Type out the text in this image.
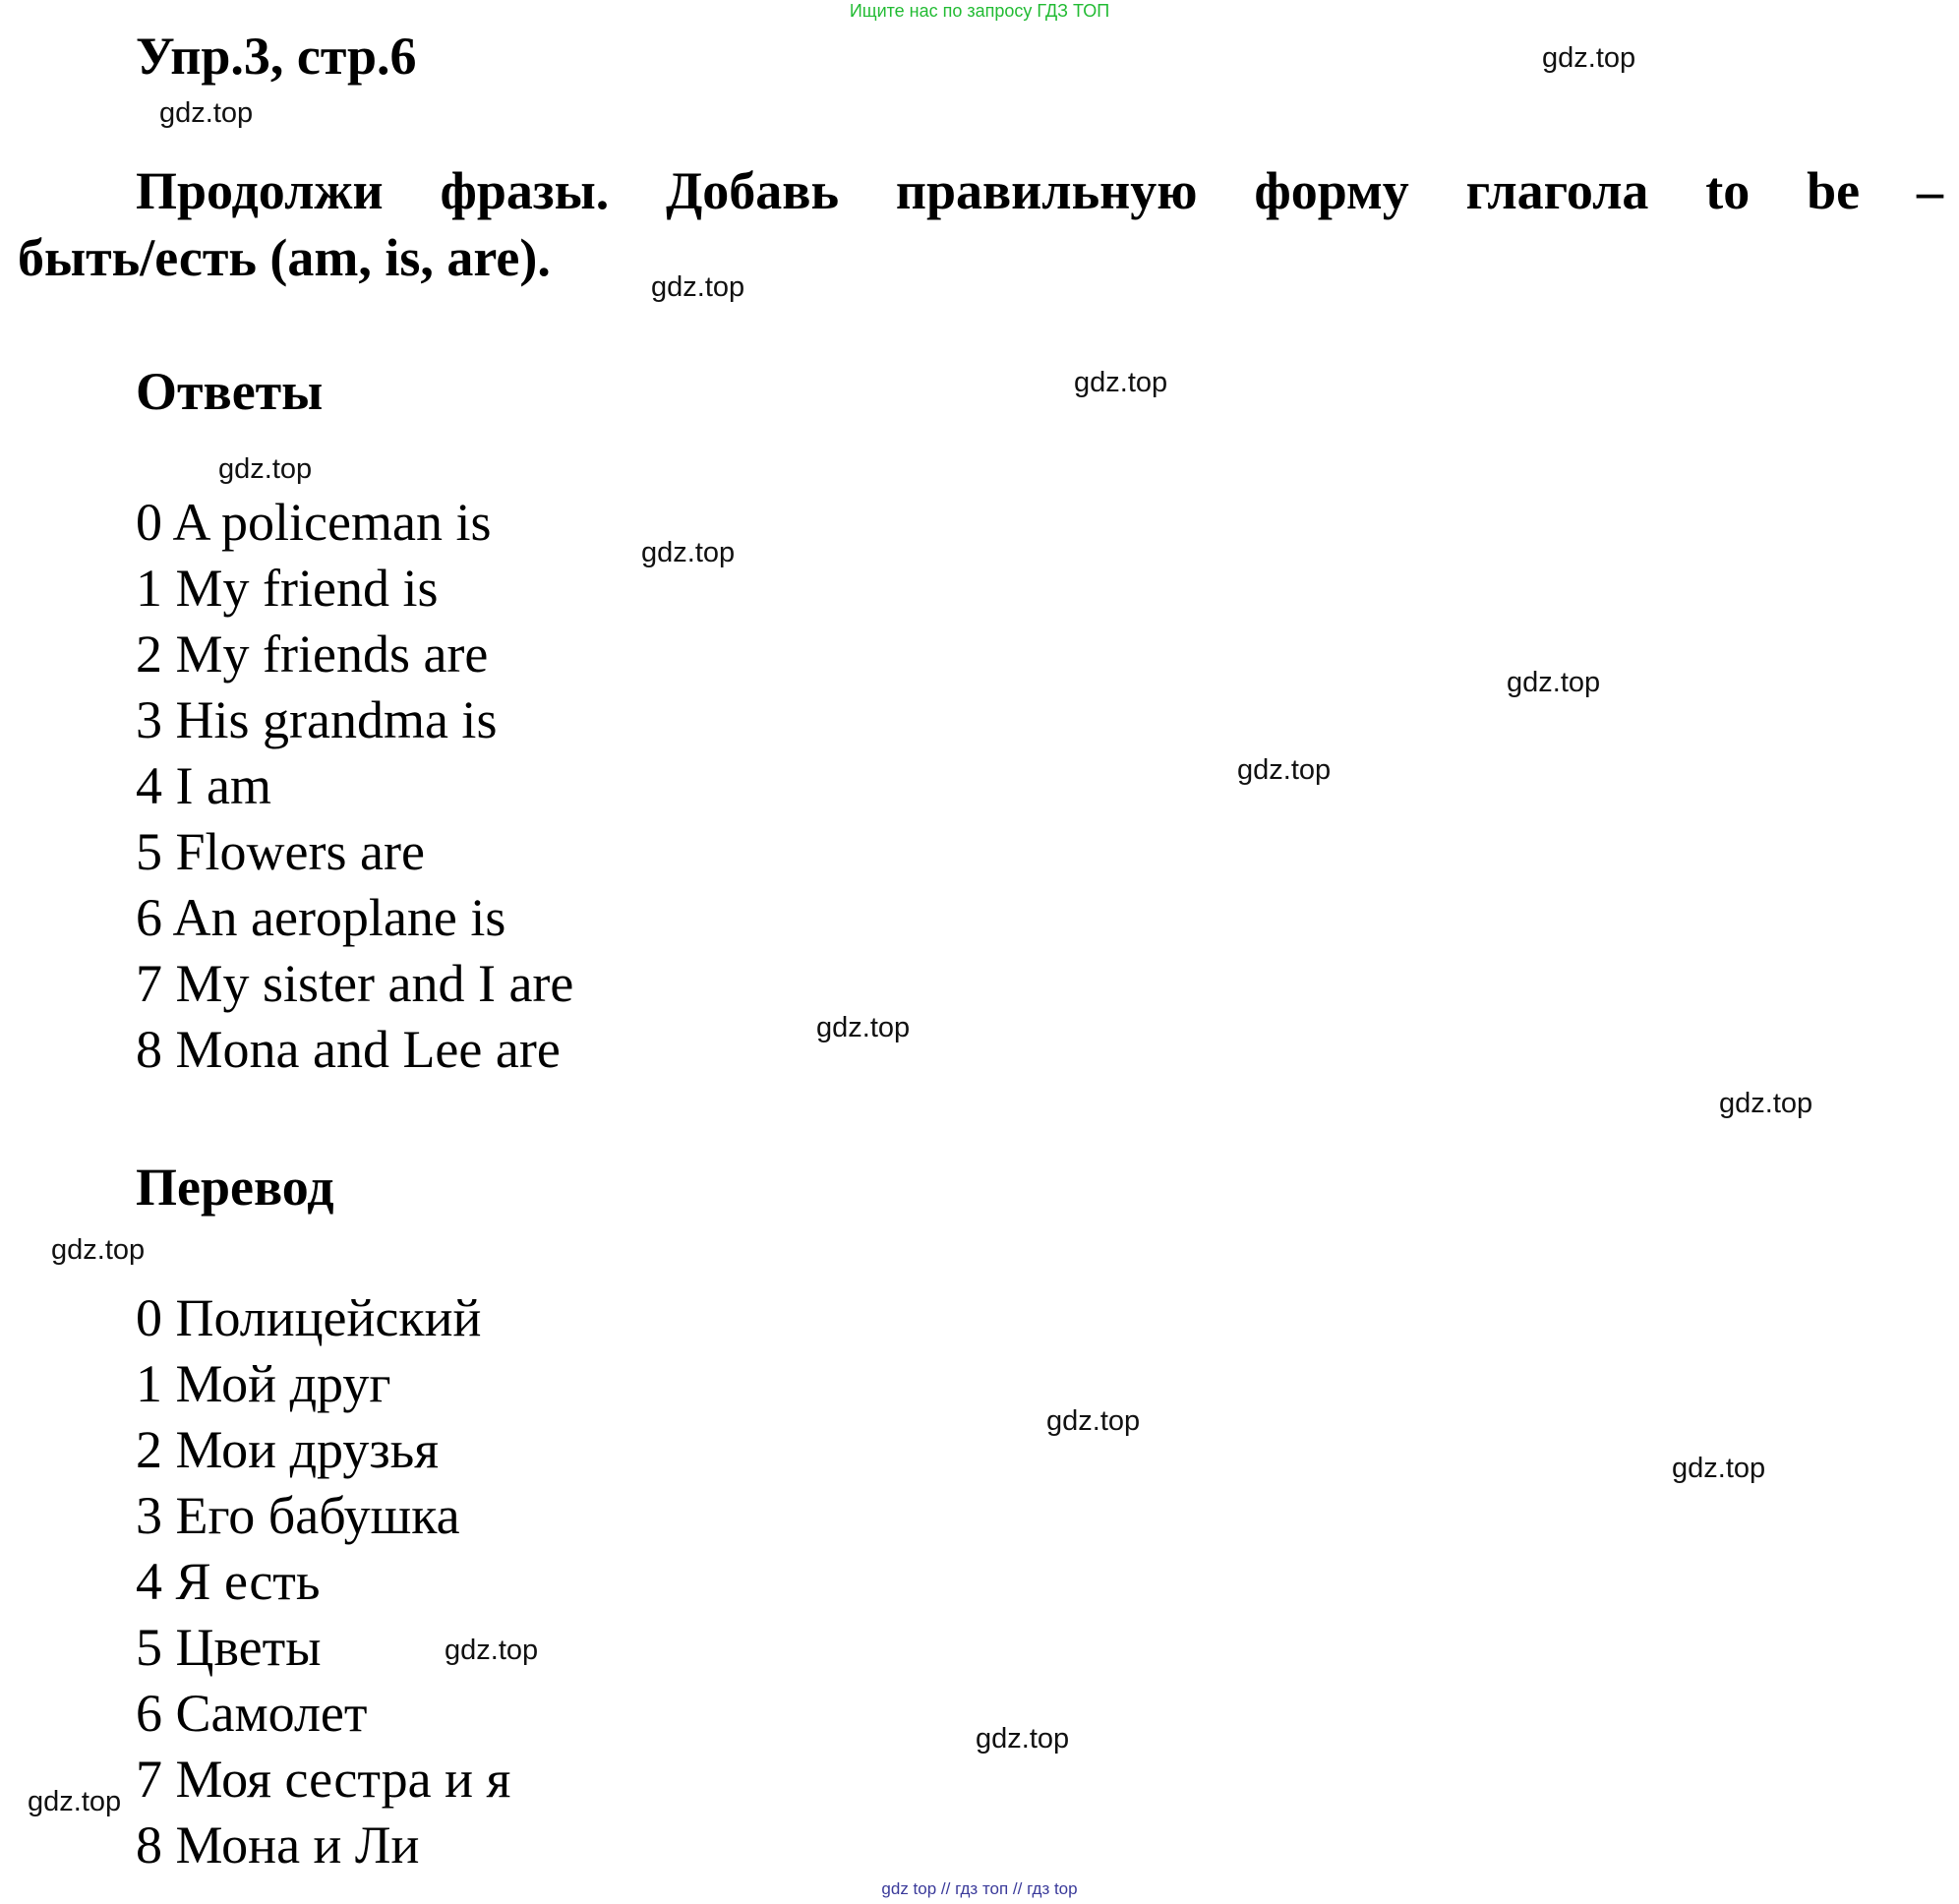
Ищите нас по запросу ГДЗ ТОП
Упр.3, стр.6
Продолжи фразы. Добавь правильную форму глагола to be –
быть/есть (am, is, are).
Ответы
0 A policeman is
1 My friend is
2 My friends are
3 His grandma is
4 I am
5 Flowers are
6 An aeroplane is
7 My sister and I are
8 Mona and Lee are
Перевод
0 Полицейский
1 Мой друг
2 Мои друзья
3 Его бабушка
4 Я есть
5 Цветы
6 Самолет
7 Моя сестра и я
8 Мона и Ли
gdz.top
gdz.top
gdz.top
gdz.top
gdz.top
gdz.top
gdz.top
gdz.top
gdz.top
gdz.top
gdz.top
gdz.top
gdz.top
gdz.top
gdz.top
gdz.top
gdz top // гдз топ // гдз top
